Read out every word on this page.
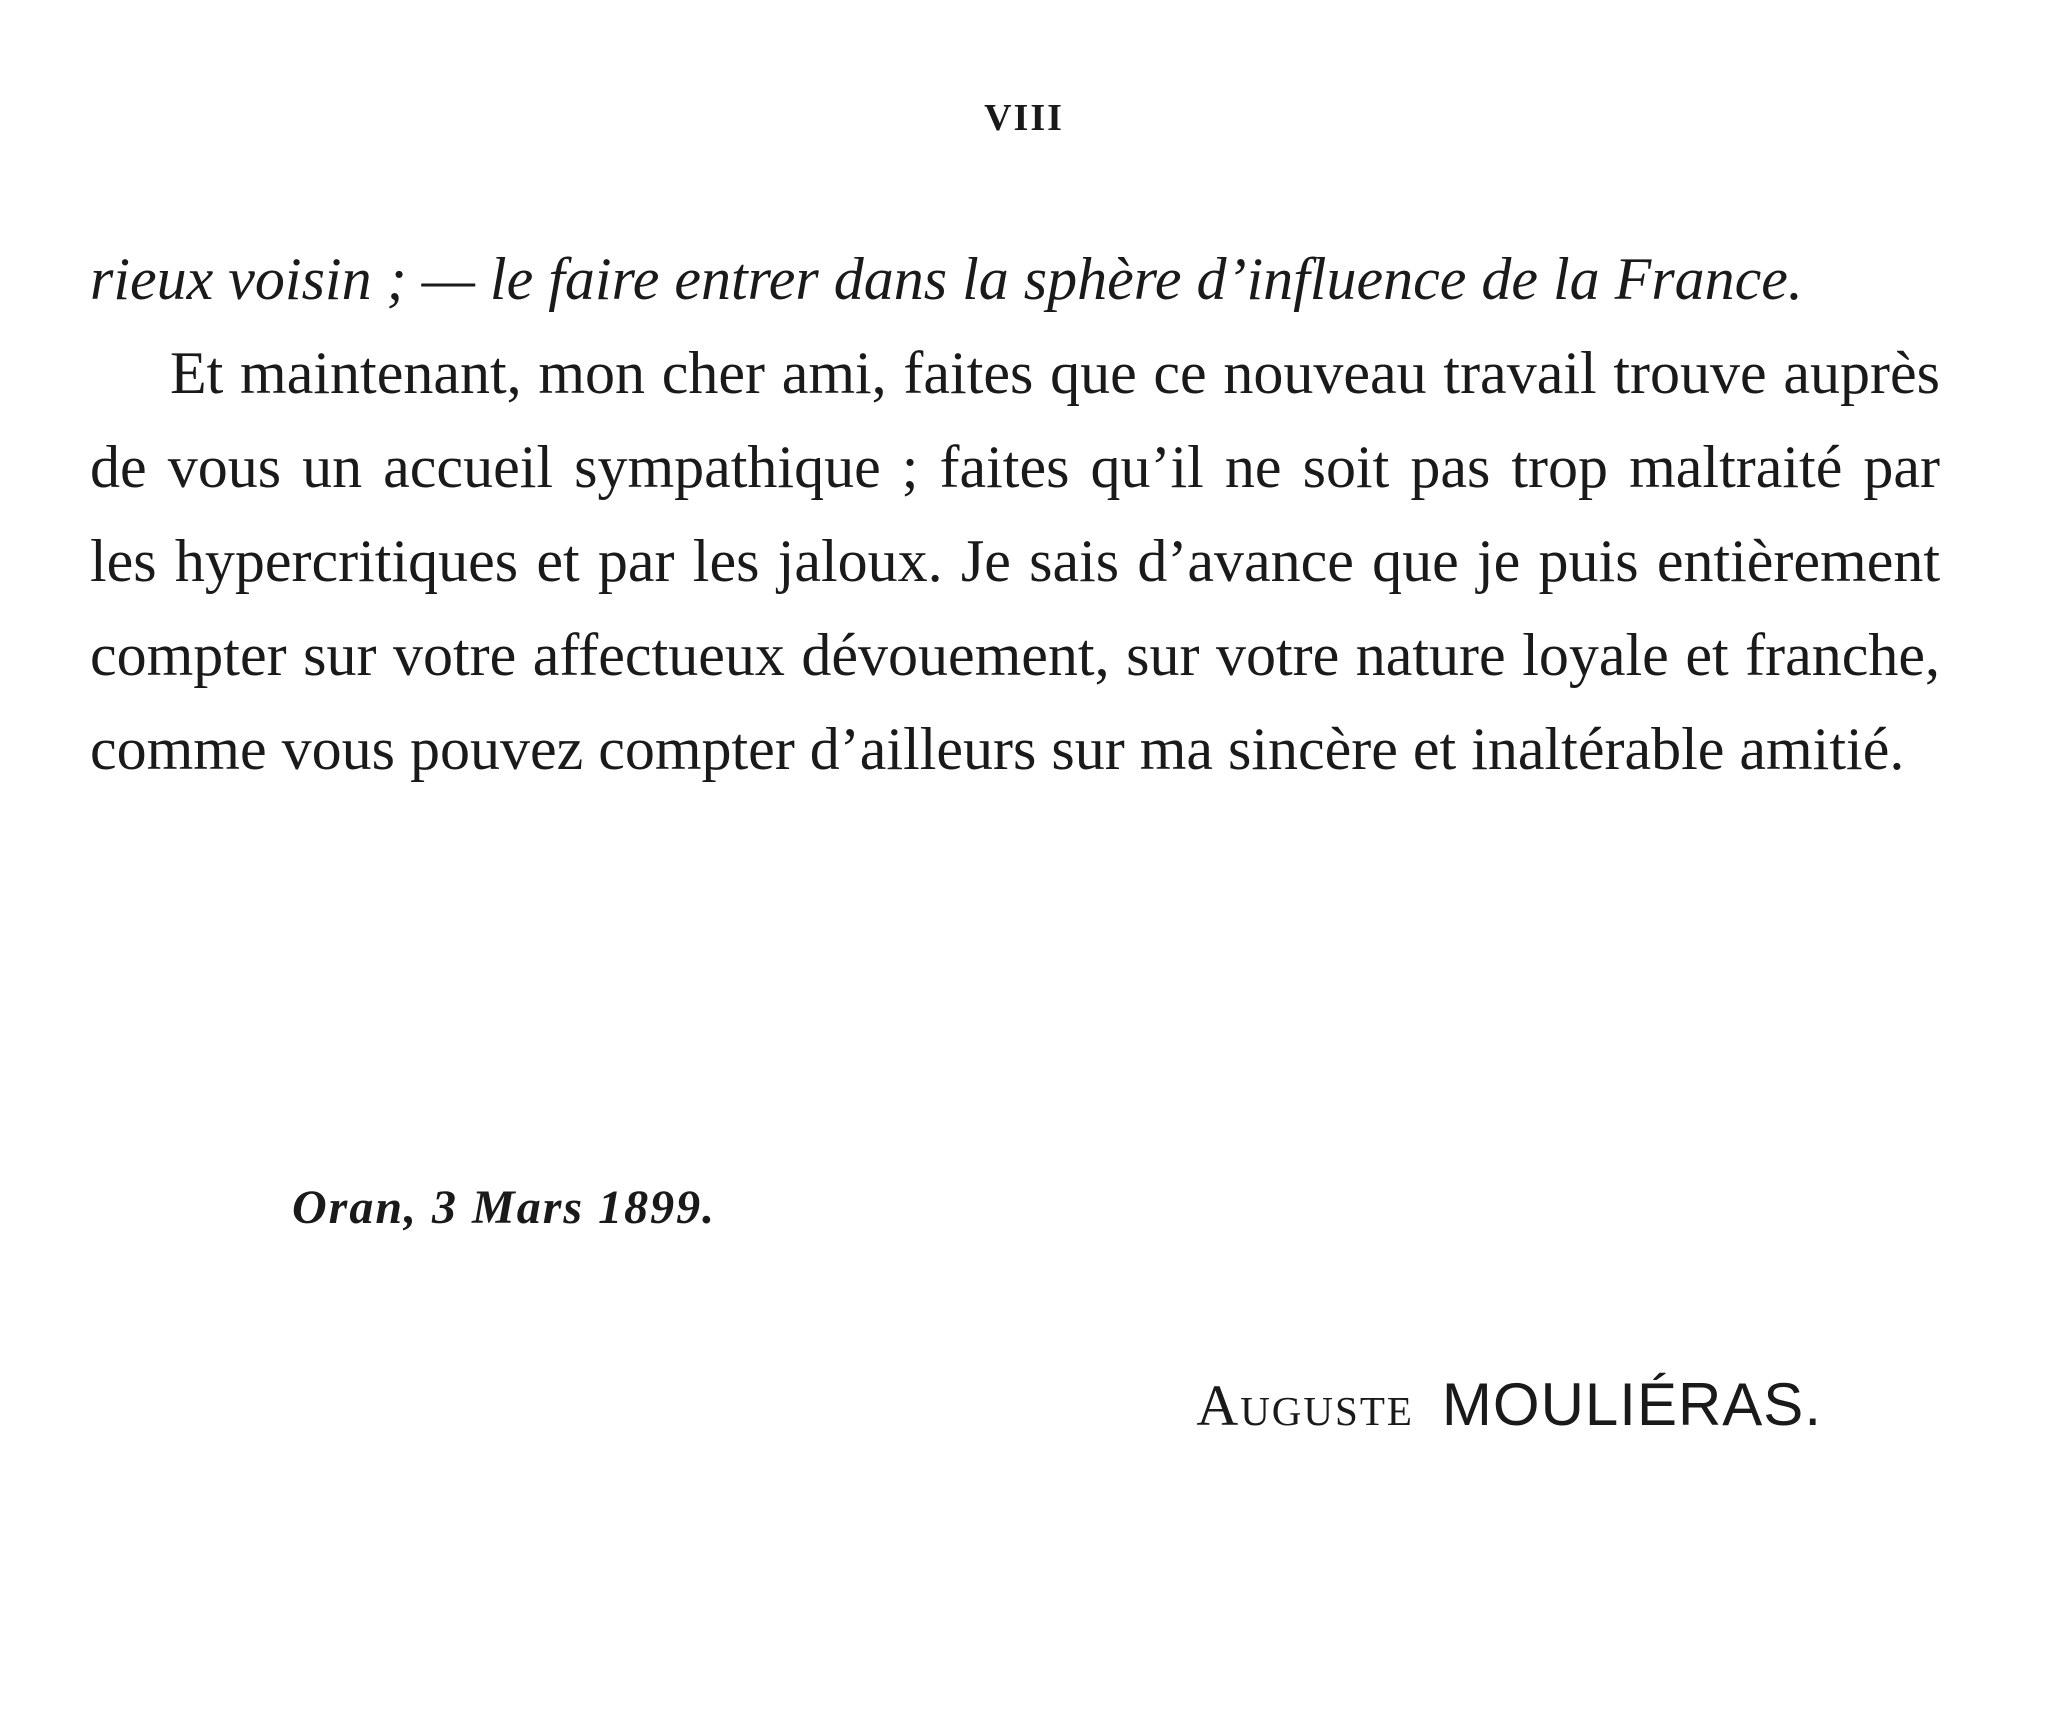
VIII

rieux voisin ; — le faire entrer dans la sphère d’influence de la France.

Et maintenant, mon cher ami, faites que ce nouveau travail trouve auprès de vous un accueil sympathique ; faites qu’il ne soit pas trop maltraité par les hypercritiques et par les jaloux. Je sais d’avance que je puis entièrement compter sur votre affectueux dévouement, sur votre nature loyale et franche, comme vous pouvez compter d’ailleurs sur ma sincère et inaltérable amitié.

Oran, 3 Mars 1899.
Auguste MOULIÉRAS.
